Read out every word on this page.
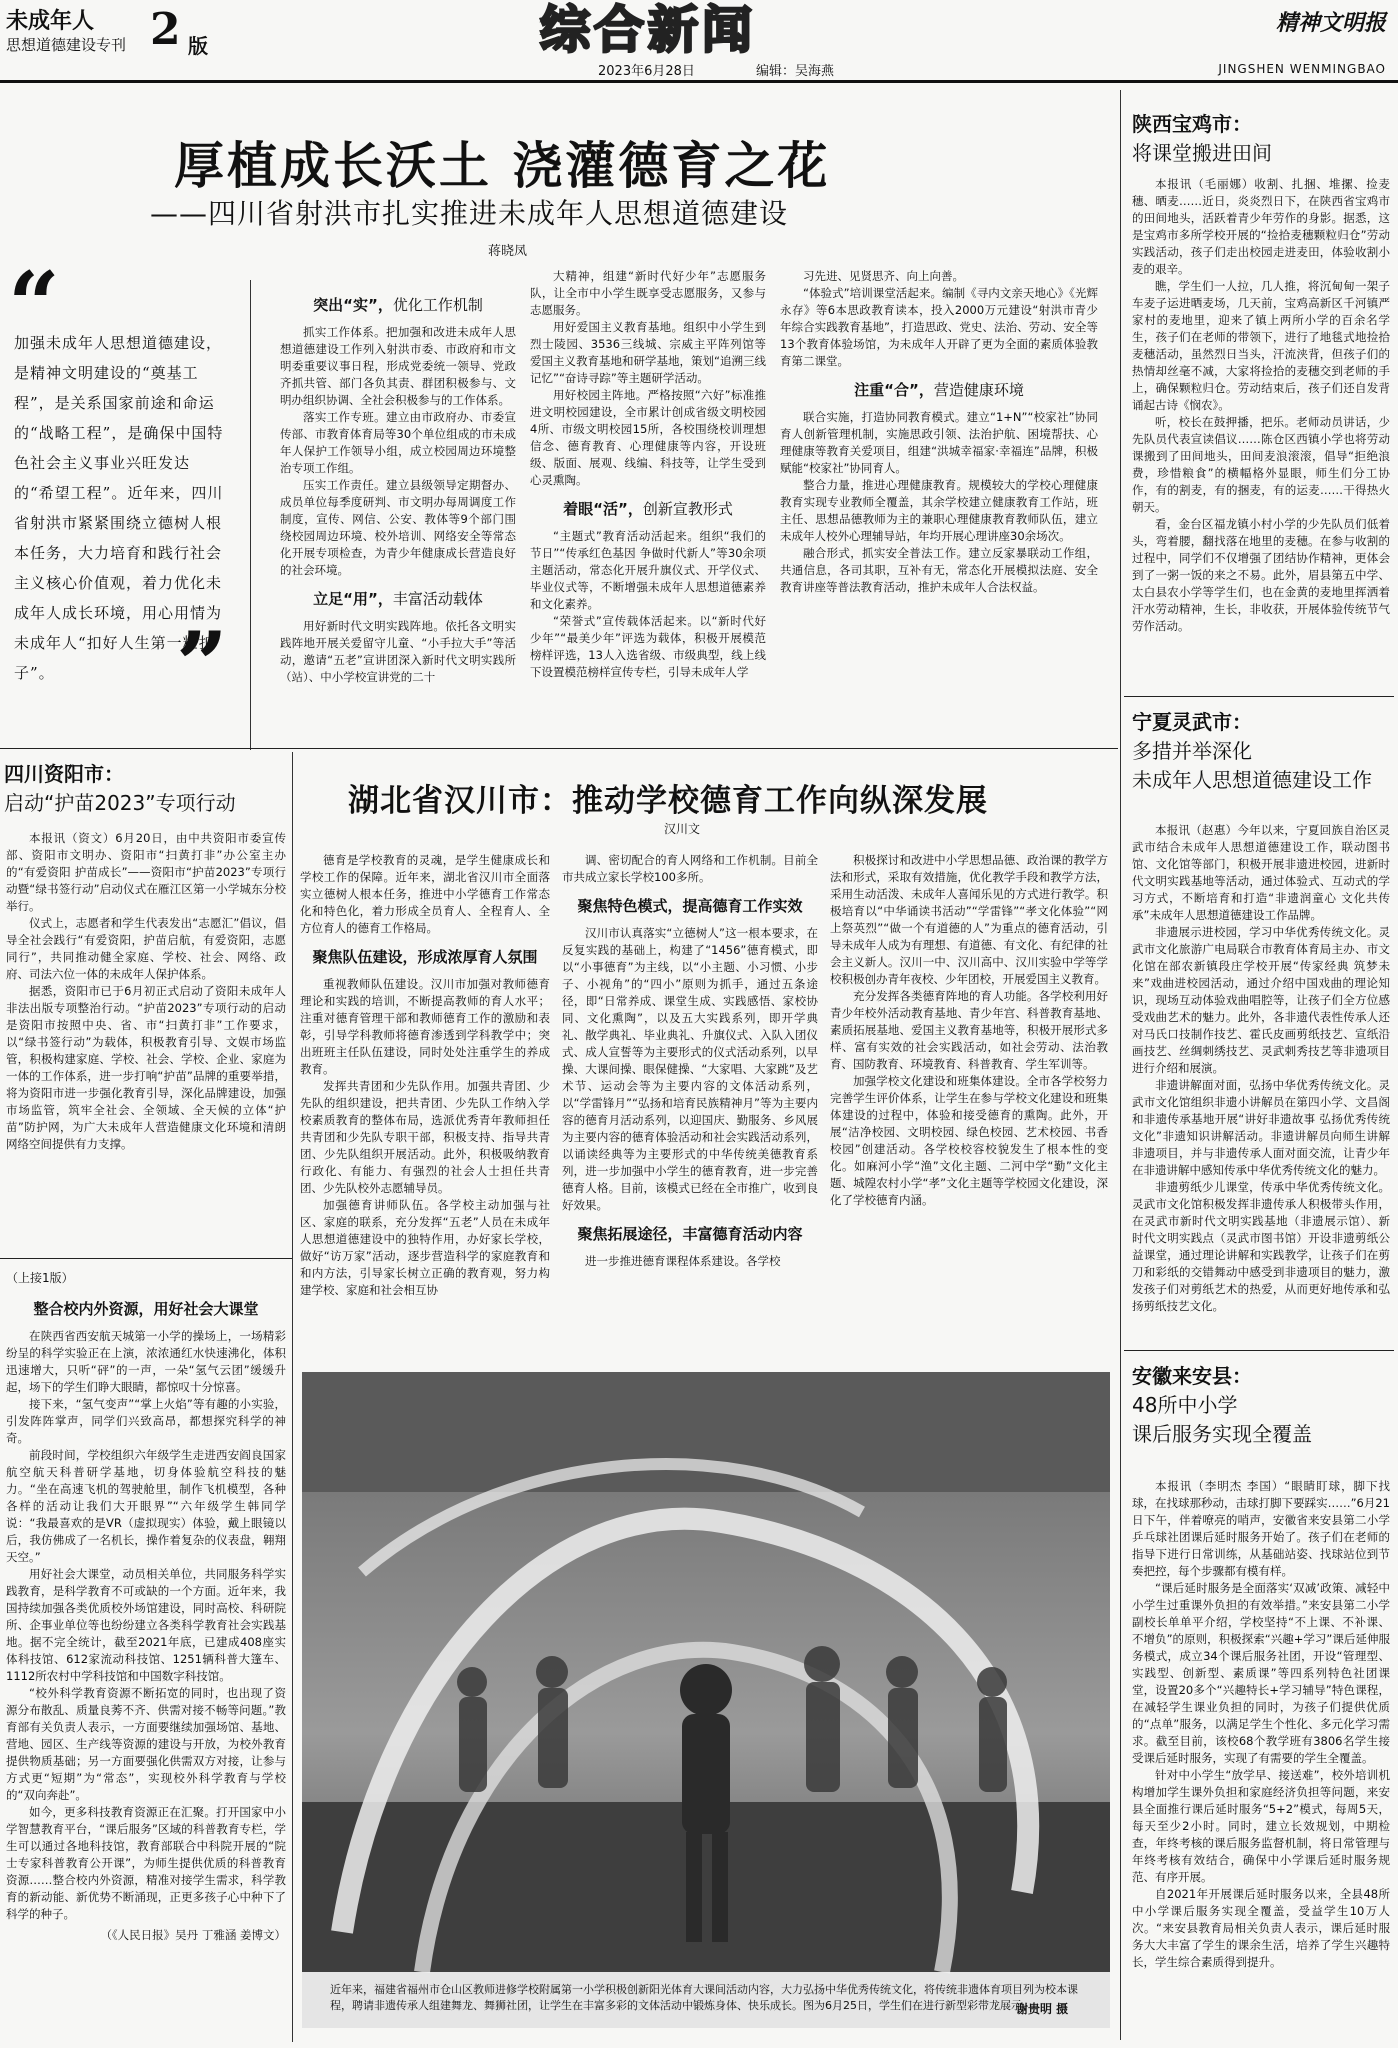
未成年人
思想道德建设专刊 2 版	综合新闻
2023年6月28日	编辑：吴海燕
精神文明报
JINGSHEN WENMINGBAO
厚植成长沃土 浇灌德育之花
——四川省射洪市扎实推进未成年人思想道德建设
蒋晓凤
“
加强未成年人思想道德建设，是精神文明建设的“奠基工程”，是关系国家前途和命运的“战略工程”，是确保中国特色社会主义事业兴旺发达的“希望工程”。近年来，四川省射洪市紧紧围绕立德树人根本任务，大力培育和践行社会主义核心价值观，着力优化未成年人成长环境，用心用情为未成年人“扣好人生第一粒扣子”。	”
突出“实”，优化工作机制

抓实工作体系。把加强和改进未成年人思想道德建设工作列入射洪市委、市政府和市文明委重要议事日程，形成党委统一领导、党政齐抓共管、部门各负其责、群团积极参与、文明办组织协调、全社会积极参与的工作体系。

落实工作专班。建立由市政府办、市委宣传部、市教育体育局等30个单位组成的市未成年人保护工作领导小组，成立校园周边环境整治专项工作组。

压实工作责任。建立县级领导定期督办、成员单位每季度研判、市文明办每周调度工作制度，宣传、网信、公安、教体等9个部门围绕校园周边环境、校外培训、网络安全等常态化开展专项检查，为青少年健康成长营造良好的社会环境。

立足“用”，丰富活动载体

用好新时代文明实践阵地。依托各文明实践阵地开展关爱留守儿童、“小手拉大手”等活动，邀请“五老”宣讲团深入新时代文明实践所（站）、中小学校宣讲党的二十

大精神，组建“新时代好少年”志愿服务队，让全市中小学生既享受志愿服务，又参与志愿服务。

用好爱国主义教育基地。组织中小学生到烈士陵园、3536三线城、宗威主平阵列馆等爱国主义教育基地和研学基地，策划“追溯三线记忆”“奋诗寻踪”等主题研学活动。

用好校园主阵地。严格按照“六好”标准推进文明校园建设，全市累计创成省级文明校园4所、市级文明校园15所，各校围绕校训理想信念、德育教育、心理健康等内容，开设班级、版面、展观、线编、科技等，让学生受到心灵熏陶。

着眼“活”，创新宣教形式

“主题式”教育活动活起来。组织“我们的节日”“传承红色基因 争做时代新人”等30余项主题活动，常态化开展升旗仪式、开学仪式、毕业仪式等，不断增强未成年人思想道德素养和文化素养。

“荣誉式”宣传载体活起来。以“新时代好少年”“最美少年”评选为载体，积极开展模范榜样评选，13人入选省级、市级典型，线上线下设置模范榜样宣传专栏，引导未成年人学

习先进、见贤思齐、向上向善。

“体验式”培训课堂活起来。编制《寻内文亲天地心》《光辉永存》等6本思政教育读本，投入2000万元建设“射洪市青少年综合实践教育基地”，打造思政、党史、法治、劳动、安全等13个教育体验场馆，为未成年人开辟了更为全面的素质体验教育第二课堂。

注重“合”，营造健康环境

联合实施，打造协同教育模式。建立“1+N”“校家社”协同育人创新管理机制，实施思政引领、法治护航、困境帮扶、心理健康等教育关爱项目，组建“洪城幸福家·幸福连”品牌，积极赋能“校家社”协同育人。

整合力量，推进心理健康教育。规模较大的学校心理健康教育实现专业教师全覆盖，其余学校建立健康教育工作站，班主任、思想品德教师为主的兼职心理健康教育教师队伍，建立未成年人校外心理辅导站，年均开展心理讲座30余场次。

融合形式，抓实安全普法工作。建立反家暴联动工作组，共通信息，各司其职，互补有无，常态化开展模拟法庭、安全教育讲座等普法教育活动，推护未成年人合法权益。

四川资阳市：
启动“护苗2023”专项行动

本报讯（资文）6月20日，由中共资阳市委宣传部、资阳市文明办、资阳市“扫黄打非”办公室主办的“有爱资阳 护苗成长”——资阳市“护苗2023”专项行动暨“绿书签行动”启动仪式在雁江区第一小学城东分校举行。

仪式上，志愿者和学生代表发出“志愿汇”倡议，倡导全社会践行“有爱资阳，护苗启航，有爱资阳，志愿同行”，共同推动健全家庭、学校、社会、网络、政府、司法六位一体的未成年人保护体系。

据悉，资阳市已于6月初正式启动了资阳未成年人非法出版专项整治行动。“护苗2023”专项行动的启动是资阳市按照中央、省、市“扫黄打非”工作要求，以“绿书签行动”为载体，积极教育引导、文娱市场监管，积极构建家庭、学校、社会、学校、企业、家庭为一体的工作体系，进一步打响“护苗”品牌的重要举措，将为资阳市进一步强化教育引导，深化品牌建设，加强市场监管，筑牢全社会、全领域、全天候的立体“护苗”防护网，为广大未成年人营造健康文化环境和清朗网络空间提供有力支撑。

（上接1版）
整合校内外资源，用好社会大课堂

在陕西省西安航天城第一小学的操场上，一场精彩纷呈的科学实验正在上演，浓浓通红水快速沸化，体积迅速增大，只听“砰”的一声，一朵“氢气云团”缓缓升起，场下的学生们睁大眼睛，都惊叹十分惊喜。

接下来，“氢气变声”“掌上火焰”等有趣的小实验，引发阵阵掌声，同学们兴致高昂，都想探究科学的神奇。

前段时间，学校组织六年级学生走进西安阎良国家航空航天科普研学基地，切身体验航空科技的魅力。“坐在高速飞机的驾驶舱里，制作飞机模型，各种各样的活动让我们大开眼界”“六年级学生韩同学说：“我最喜欢的是VR（虚拟现实）体验，戴上眼镜以后，我仿佛成了一名机长，操作着复杂的仪表盘，翱翔天空。”

用好社会大课堂，动员相关单位，共同服务科学实践教育，是科学教育不可或缺的一个方面。近年来，我国持续加强各类优质校外场馆建设，同时高校、科研院所、企事业单位等也纷纷建立各类科学教育社会实践基地。据不完全统计，截至2021年底，已建成408座实体科技馆、612家流动科技馆、1251辆科普大篷车、1112所农村中学科技馆和中国数字科技馆。

“校外科学教育资源不断拓宽的同时，也出现了资源分布散乱、质量良莠不齐、供需对接不畅等问题。”教育部有关负责人表示，一方面要继续加强场馆、基地、营地、园区、生产线等资源的建设与开放，为校外教育提供物质基础；另一方面要强化供需双方对接，让参与方式更“短期”为“常态”，实现校外科学教育与学校的“双向奔赴”。

如今，更多科技教育资源正在汇聚。打开国家中小学智慧教育平台，“课后服务”区域的科普教育专栏，学生可以通过各地科技馆，教育部联合中科院开展的“院士专家科普教育公开课”，为师生提供优质的科普教育资源……整合校内外资源，精准对接学生需求，科学教育的新动能、新优势不断涌现，正更多孩子心中种下了科学的种子。

（《人民日报》吴丹 丁雅涵 姜博文）
湖北省汉川市：推动学校德育工作向纵深发展
汉川文

德育是学校教育的灵魂，是学生健康成长和学校工作的保障。近年来，湖北省汉川市全面落实立德树人根本任务，推进中小学德育工作常态化和特色化，着力形成全员育人、全程育人、全方位育人的德育工作格局。

聚焦队伍建设，形成浓厚育人氛围

重视教师队伍建设。汉川市加强对教师德育理论和实践的培训，不断提高教师的育人水平；注重对德育管理干部和教师德育工作的激励和表彰，引导学科教师将德育渗透到学科教学中；突出班班主任队伍建设，同时处处注重学生的养成教育。

发挥共青团和少先队作用。加强共青团、少先队的组织建设，把共青团、少先队工作纳入学校素质教育的整体布局，选派优秀青年教师担任共青团和少先队专职干部，积极支持、指导共青团、少先队组织开展活动。此外，积极吸纳教育行政化、有能力、有强烈的社会人士担任共青团、少先队校外志愿辅导员。

加强德育讲师队伍。各学校主动加强与社区、家庭的联系，充分发挥“五老”人员在未成年人思想道德建设中的独特作用，办好家长学校，做好“访万家”活动，逐步营造科学的家庭教育和和内方法，引导家长树立正确的教育观，努力构建学校、家庭和社会相互协

调、密切配合的育人网络和工作机制。目前全市共成立家长学校100多所。

聚焦特色模式，提高德育工作实效

汉川市认真落实“立德树人”这一根本要求，在反复实践的基础上，构建了“1456”德育模式，即以“小事德育”为主线，以“小主题、小习惯、小步子、小视角”的“四小”原则为抓手，通过五条途径，即“日常养成、课堂生成、实践感悟、家校协同、文化熏陶”，以及五大实践系列，即开学典礼、散学典礼、毕业典礼、升旗仪式、入队入团仪式、成人宣誓等为主要形式的仪式活动系列，以早操、大课间操、眼保健操、“大家唱、大家跳”及艺术节、运动会等为主要内容的文体活动系列，以“学雷锋月”“弘扬和培育民族精神月”等为主要内容的德育月活动系列，以迎国庆、勤服务、乡风展为主要内容的德育体验活动和社会实践活动系列，以诵读经典等为主要形式的中华传统美德教育系列，进一步加强中小学生的德育教育，进一步完善德育人格。目前，该模式已经在全市推广，收到良好效果。

聚焦拓展途径，丰富德育活动内容

进一步推进德育课程体系建设。各学校

积极探讨和改进中小学思想品德、政治课的教学方法和形式，采取有效措施，优化教学手段和教学方法，采用生动活泼、未成年人喜闻乐见的方式进行教学。积极培育以“中华诵读书活动”“学雷锋”“孝文化体验”“网上祭英烈”“做一个有道德的人”为重点的德育活动，引导未成年人成为有理想、有道德、有文化、有纪律的社会主义新人。汉川一中、汉川高中、汉川实验中学等学校积极创办青年夜校、少年团校，开展爱国主义教育。

充分发挥各类德育阵地的育人功能。各学校利用好青少年校外活动教育基地、青少年宫、科普教育基地、素质拓展基地、爱国主义教育基地等，积极开展形式多样、富有实效的社会实践活动，如社会劳动、法治教育、国防教育、环境教育、科普教育、学生军训等。

加强学校文化建设和班集体建设。全市各学校努力完善学生评价体系，让学生在参与学校文化建设和班集体建设的过程中，体验和接受德育的熏陶。此外，开展“洁净校园、文明校园、绿色校园、艺术校园、书香校园”创建活动。各学校校容校貌发生了根本性的变化。如麻河小学“渔”文化主题、二河中学“勤”文化主题、城隍农村小学“孝”文化主题等学校园文化建设，深化了学校德育内涵。

近年来，福建省福州市仓山区教师进修学校附属第一小学积极创新阳光体育大课间活动内容，大力弘扬中华优秀传统文化，将传统非遗体育项目列为校本课程，聘请非遗传承人组建舞龙、舞狮社团，让学生在丰富多彩的文体活动中锻炼身体、快乐成长。图为6月25日，学生们在进行新型彩带龙展示。
谢贵明 摄
陕西宝鸡市：
将课堂搬进田间

本报讯（毛丽娜）收割、扎捆、堆摞、捡麦穗、晒麦……近日，炎炎烈日下，在陕西省宝鸡市的田间地头，活跃着青少年劳作的身影。据悉，这是宝鸡市多所学校开展的“捡拾麦穗颗粒归仓”劳动实践活动，孩子们走出校园走进麦田，体验收割小麦的艰辛。

瞧，学生们一人拉，几人推，将沉甸甸一架子车麦子运进晒麦场，几天前，宝鸡高新区千河镇严家村的麦地里，迎来了镇上两所小学的百余名学生，孩子们在老师的带领下，进行了地毯式地捡拾麦穗活动，虽然烈日当头，汗流浃背，但孩子们的热情却丝毫不减，大家将捡拾的麦穗交到老师的手上，确保颗粒归仓。劳动结束后，孩子们还自发背诵起古诗《悯农》。

听，校长在鼓押播，把乐。老师动员讲话，少先队员代表宣读倡议……陈仓区西镇小学也将劳动课搬到了田间地头，田间麦浪滚滚，倡导“拒绝浪费，珍惜粮食”的横幅格外显眼，师生们分工协作，有的割麦，有的捆麦，有的运麦……干得热火朝天。

看，金台区福龙镇小村小学的少先队员们低着头，弯着腰，翻找落在地里的麦穗。在参与收割的过程中，同学们不仅增强了团结协作精神，更体会到了一粥一饭的来之不易。此外，眉县第五中学、太白县农小学等学生们，也在金黄的麦地里挥洒着汗水劳动精神，生长，非收获，开展体验传统节气劳作活动。

宁夏灵武市：
多措并举深化
未成年人思想道德建设工作

本报讯（赵惠）今年以来，宁夏回族自治区灵武市结合未成年人思想道德建设工作，联动图书馆、文化馆等部门，积极开展非遗进校园，进新时代文明实践基地等活动，通过体验式、互动式的学习方式，不断培育和打造“非遗润童心 文化共传承”未成年人思想道德建设工作品牌。

非遗展示进校园，学习中华优秀传统文化。灵武市文化旅游广电局联合市教育体育局主办、市文化馆在部农新镇段庄学校开展“传家经典 筑梦未来”戏曲进校园活动，通过介绍中国戏曲的理论知识，现场互动体验戏曲唱腔等，让孩子们全方位感受戏曲艺术的魅力。此外，各非遗代表性传承人还对马氏口技制作技艺、霍氏皮画剪纸技艺、宣纸沿画技艺、丝绸刺绣技艺、灵武剌秀技艺等非遗项目进行介绍和展演。

非遗讲解面对面，弘扬中华优秀传统文化。灵武市文化馆组织非遗小讲解员在第四小学、文昌阁和非遗传承基地开展“讲好非遗故事 弘扬优秀传统文化”非遗知识讲解活动。非遗讲解员向师生讲解非遗项目，并与非遗传承人面对面交流，让青少年在非遗讲解中感知传承中华优秀传统文化的魅力。

非遗剪纸少儿课堂，传承中华优秀传统文化。灵武市文化馆积极发挥非遗传承人积极带头作用，在灵武市新时代文明实践基地（非遗展示馆）、新时代文明实践点（灵武市图书馆）开设非遗剪纸公益课堂，通过理论讲解和实践教学，让孩子们在剪刀和彩纸的交错舞动中感受到非遗项目的魅力，激发孩子们对剪纸艺术的热爱，从而更好地传承和弘扬剪纸技艺文化。

安徽来安县：
48所中小学
课后服务实现全覆盖

本报讯（李明杰 李国）“眼睛盯球，脚下找球，在找球那秒动，击球打脚下要踩实……”6月21日下午，伴着嘹亮的哨声，安徽省来安县第二小学乒乓球社团课后延时服务开始了。孩子们在老师的指导下进行日常训练，从基础站姿、找球站位到节奏把控，每个步骤都有模有样。

“课后延时服务是全面落实‘双减’政策、减轻中小学生过重课外负担的有效举措。”来安县第二小学副校长单单平介绍，学校坚持“不上课、不补课、不增负”的原则，积极探索“兴趣+学习”课后延伸服务模式，成立34个课后服务社团，开设“管理型、实践型、创新型、素质课”等四系列特色社团课堂，设置20多个“兴趣特长+学习辅导”特色课程，在减轻学生课业负担的同时，为孩子们提供优质的“点单”服务，以满足学生个性化、多元化学习需求。截至目前，该校68个教学班有3806名学生接受课后延时服务，实现了有需要的学生全覆盖。

针对中小学生“放学早、接送难”，校外培训机构增加学生课外负担和家庭经济负担等问题，来安县全面推行课后延时服务“5+2”模式，每周5天，每天至少2小时。同时，建立长效规划，中期检查，年终考核的课后服务监督机制，将日常管理与年终考核有效结合，确保中小学课后延时服务规范、有序开展。

自2021年开展课后延时服务以来，全县48所中小学课后服务实现全覆盖，受益学生10万人次。“来安县教育局相关负责人表示，课后延时服务大大丰富了学生的课余生活，培养了学生兴趣特长，学生综合素质得到提升。
